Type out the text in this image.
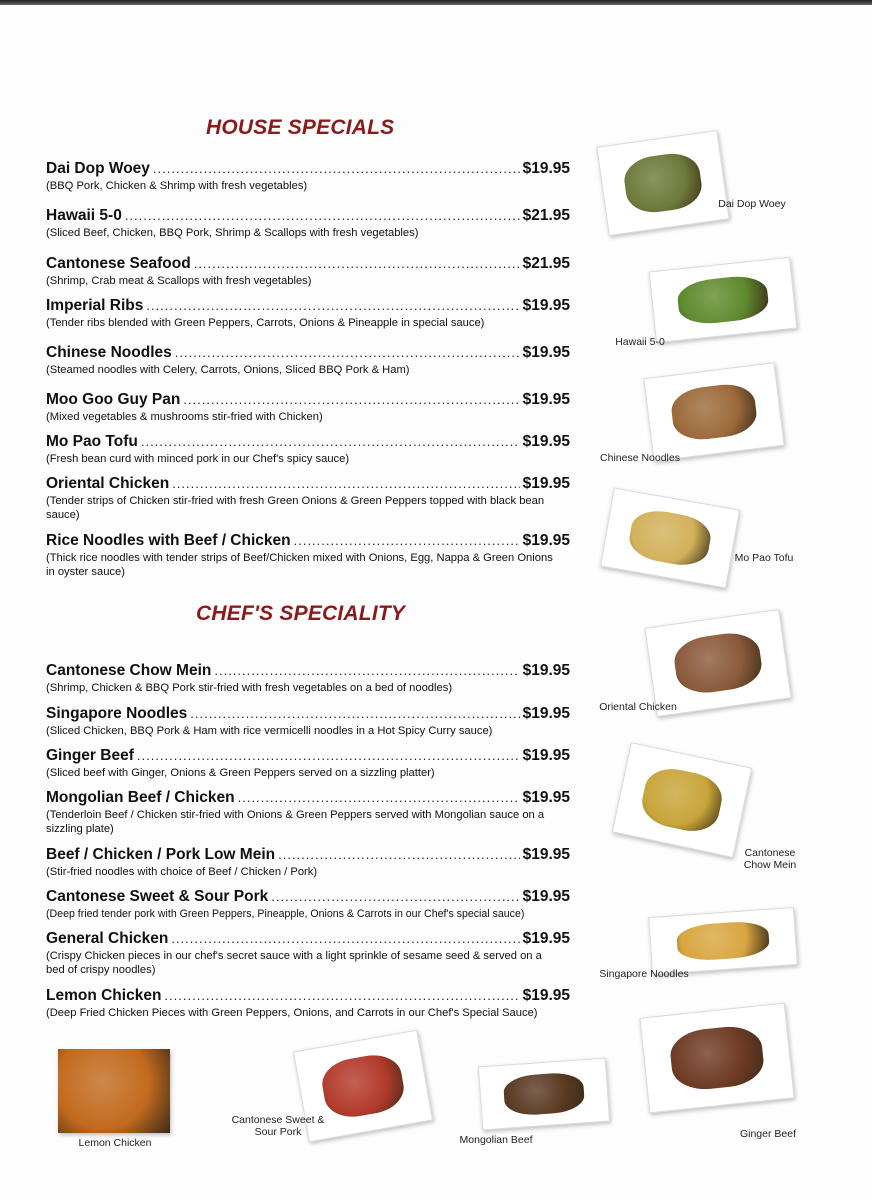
HOUSE SPECIALS
Dai Dop Woey .....	$19.95
(BBQ Pork, Chicken & Shrimp with fresh vegetables)
Hawaii 5-0 .....	$21.95
(Sliced Beef, Chicken, BBQ Pork, Shrimp & Scallops with fresh vegetables)
Cantonese Seafood .....	$21.95
(Shrimp, Crab meat & Scallops with fresh vegetables)
Imperial Ribs .....	$19.95
(Tender ribs blended with Green Peppers, Carrots, Onions & Pineapple in special sauce)
Chinese Noodles .....	$19.95
(Steamed noodles with Celery, Carrots, Onions, Sliced BBQ Pork & Ham)
Moo Goo Guy Pan .....	$19.95
(Mixed vegetables & mushrooms stir-fried with Chicken)
Mo Pao Tofu .....	$19.95
(Fresh bean curd with minced pork in our Chef's spicy sauce)
Oriental Chicken .....	$19.95
(Tender strips of Chicken stir-fried with fresh Green Onions & Green Peppers topped with black bean sauce)
Rice Noodles with Beef / Chicken .....	$19.95
(Thick rice noodles with tender strips of Beef/Chicken mixed with Onions, Egg, Nappa & Green Onions in oyster sauce)
CHEF'S SPECIALITY
Cantonese Chow Mein .....	$19.95
(Shrimp, Chicken & BBQ Pork stir-fried with fresh vegetables on a bed of noodles)
Singapore Noodles .....	$19.95
(Sliced Chicken, BBQ Pork & Ham with rice vermicelli noodles in a Hot Spicy Curry sauce)
Ginger Beef .....	$19.95
(Sliced beef with Ginger, Onions & Green Peppers served on a sizzling platter)
Mongolian Beef / Chicken .....	$19.95
(Tenderloin Beef / Chicken stir-fried with Onions & Green Peppers served with Mongolian sauce on a sizzling plate)
Beef / Chicken / Pork Low Mein .....	$19.95
(Stir-fried noodles with choice of Beef / Chicken / Pork)
Cantonese Sweet & Sour Pork .....	$19.95
(Deep fried tender pork with Green Peppers, Pineapple, Onions & Carrots in our Chef's special sauce)
General Chicken .....	$19.95
(Crispy Chicken pieces in our chef's secret sauce with a light sprinkle of sesame seed & served on a bed of crispy noodles)
Lemon Chicken .....	$19.95
(Deep Fried Chicken Pieces with Green Peppers, Onions, and Carrots in our Chef's Special Sauce)
Dai Dop Woey
Hawaii 5-0
Chinese Noodles
Mo Pao Tofu
Oriental Chicken
Cantonese Chow Mein
Singapore Noodles
Ginger Beef
Lemon Chicken
Cantonese Sweet & Sour Pork
Mongolian Beef
